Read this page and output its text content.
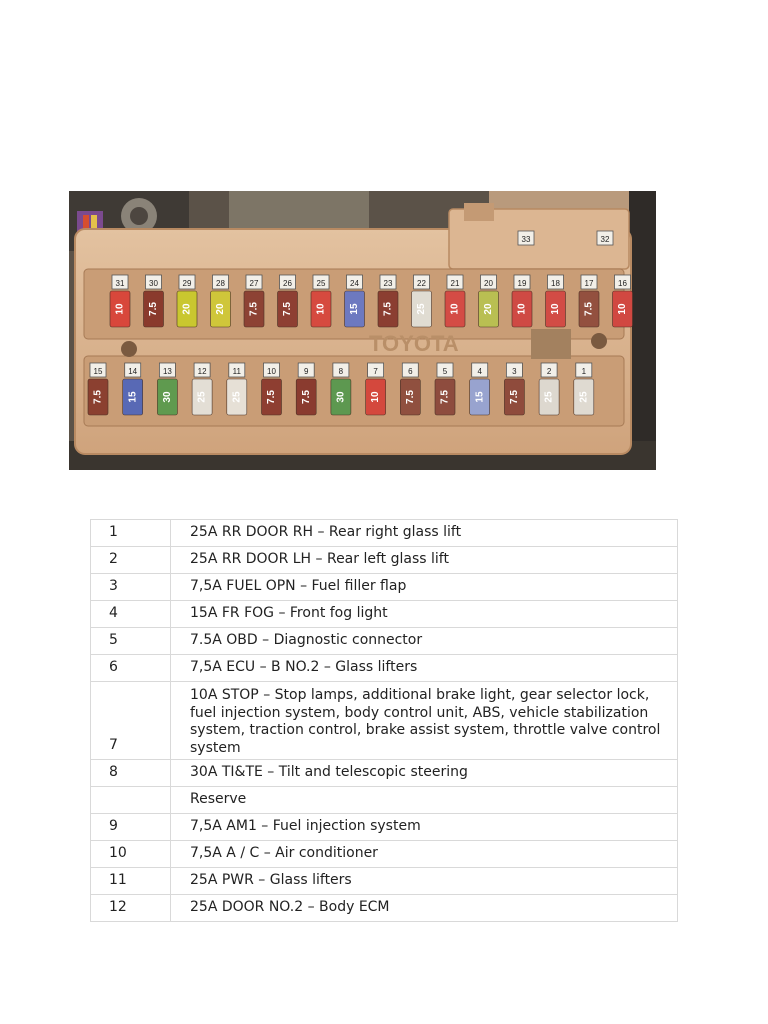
TOYOTA
31
10
30
7.5
29
20
28
20
27
7.5
26
7.5
25
10
24
15
23
7.5
22
25
21
10
20
20
19
10
18
10
17
7.5
16
10
15
7.5
14
15
13
30
12
25
11
25
10
7.5
9
7.5
8
30
7
10
6
7.5
5
7.5
4
15
3
7.5
2
25
1
25
33	32
1	25A RR DOOR RH – Rear right glass lift
2	25A RR DOOR LH – Rear left glass lift
3	7,5A FUEL OPN – Fuel filler flap
4	15A FR FOG – Front fog light
5	7.5A OBD – Diagnostic connector
6	7,5A ECU – B NO.2 – Glass lifters
7	10A STOP – Stop lamps, additional brake light, gear selector lock, fuel injection system, body control unit, ABS, vehicle stabilization system, traction control, brake assist system, throttle valve control system
8	30A TI&TE – Tilt and telescopic steering
	Reserve
9	7,5A AM1 – Fuel injection system
10	7,5A A / C – Air conditioner
11	25A PWR – Glass lifters
12	25A DOOR NO.2 – Body ECM
